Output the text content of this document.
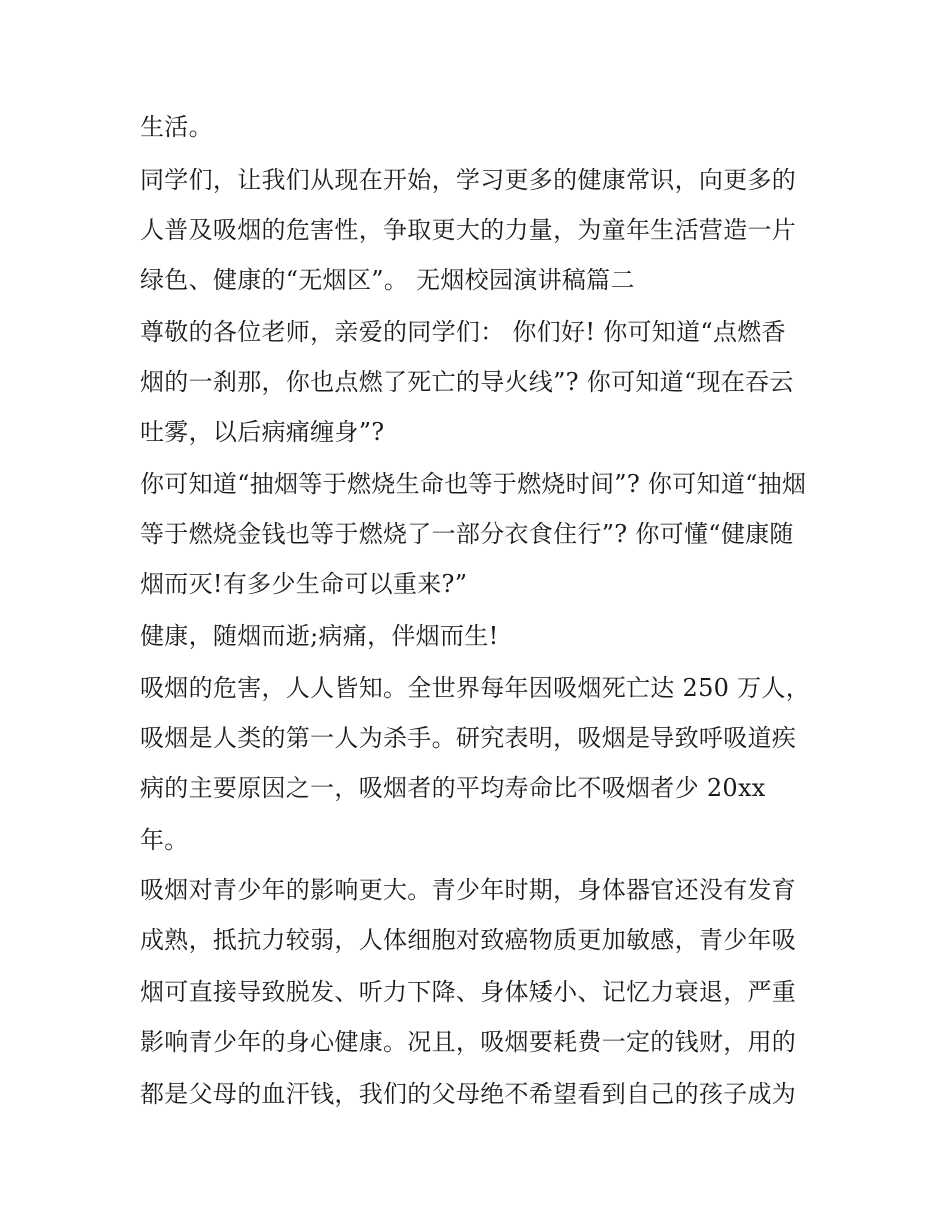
生活。
同学们，让我们从现在开始，学习更多的健康常识，向更多的
人普及吸烟的危害性，争取更大的力量，为童年生活营造一片
绿色、健康的“无烟区”。 无烟校园演讲稿篇二
尊敬的各位老师，亲爱的同学们： 你们好! 你可知道“点燃香
烟的一刹那，你也点燃了死亡的导火线”? 你可知道“现在吞云
吐雾，以后病痛缠身”?
你可知道“抽烟等于燃烧生命也等于燃烧时间”? 你可知道“抽烟
等于燃烧金钱也等于燃烧了一部分衣食住行”? 你可懂“健康随
烟而灭!有多少生命可以重来?”
健康，随烟而逝;病痛，伴烟而生!
吸烟的危害，人人皆知。全世界每年因吸烟死亡达 250 万人，
吸烟是人类的第一人为杀手。研究表明，吸烟是导致呼吸道疾
病的主要原因之一，吸烟者的平均寿命比不吸烟者少 20xx
年。
吸烟对青少年的影响更大。青少年时期，身体器官还没有发育
成熟，抵抗力较弱，人体细胞对致癌物质更加敏感，青少年吸
烟可直接导致脱发、听力下降、身体矮小、记忆力衰退，严重
影响青少年的身心健康。况且，吸烟要耗费一定的钱财，用的
都是父母的血汗钱，我们的父母绝不希望看到自己的孩子成为
